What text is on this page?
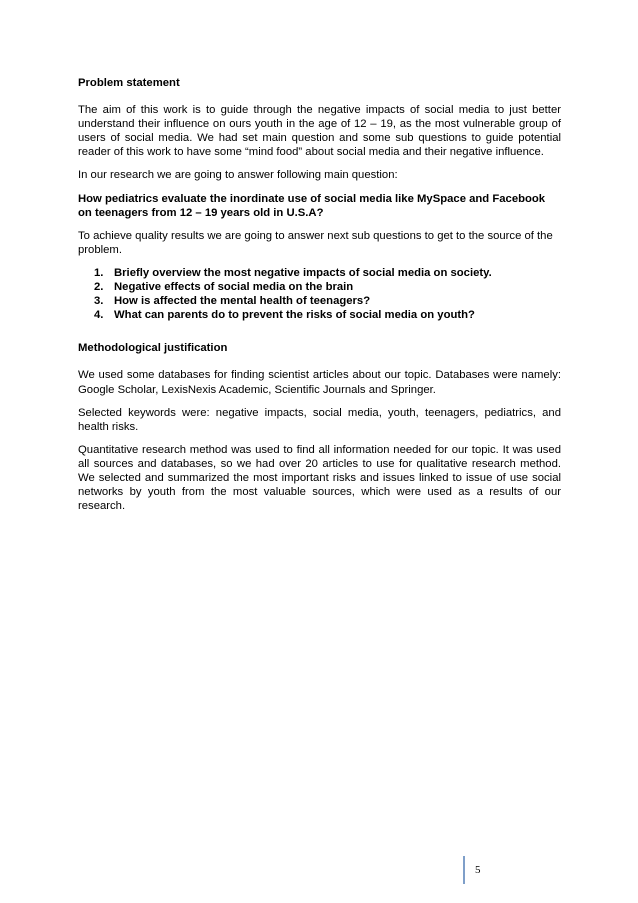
Problem statement

The aim of this work is to guide through the negative impacts of social media to just better understand their influence on ours youth in the age of 12 – 19, as the most vulnerable group of users of social media. We had set main question and some sub questions to guide potential reader of this work to have some “mind food” about social media and their negative influence.

In our research we are going to answer following main question:

How pediatrics evaluate the inordinate use of social media like MySpace and Facebook on teenagers from 12 – 19 years old in U.S.A?

To achieve quality results we are going to answer next sub questions to get to the source of the problem.

1. Briefly overview the most negative impacts of social media on society.
2. Negative effects of social media on the brain
3. How is affected the mental health of teenagers?
4. What can parents do to prevent the risks of social media on youth?

Methodological justification

We used some databases for finding scientist articles about our topic. Databases were namely: Google Scholar, LexisNexis Academic, Scientific Journals and Springer.

Selected keywords were: negative impacts, social media, youth, teenagers, pediatrics, and health risks.

Quantitative research method was used to find all information needed for our topic. It was used all sources and databases, so we had over 20 articles to use for qualitative research method. We selected and summarized the most important risks and issues linked to issue of use social networks by youth from the most valuable sources, which were used as a results of our research.

5
